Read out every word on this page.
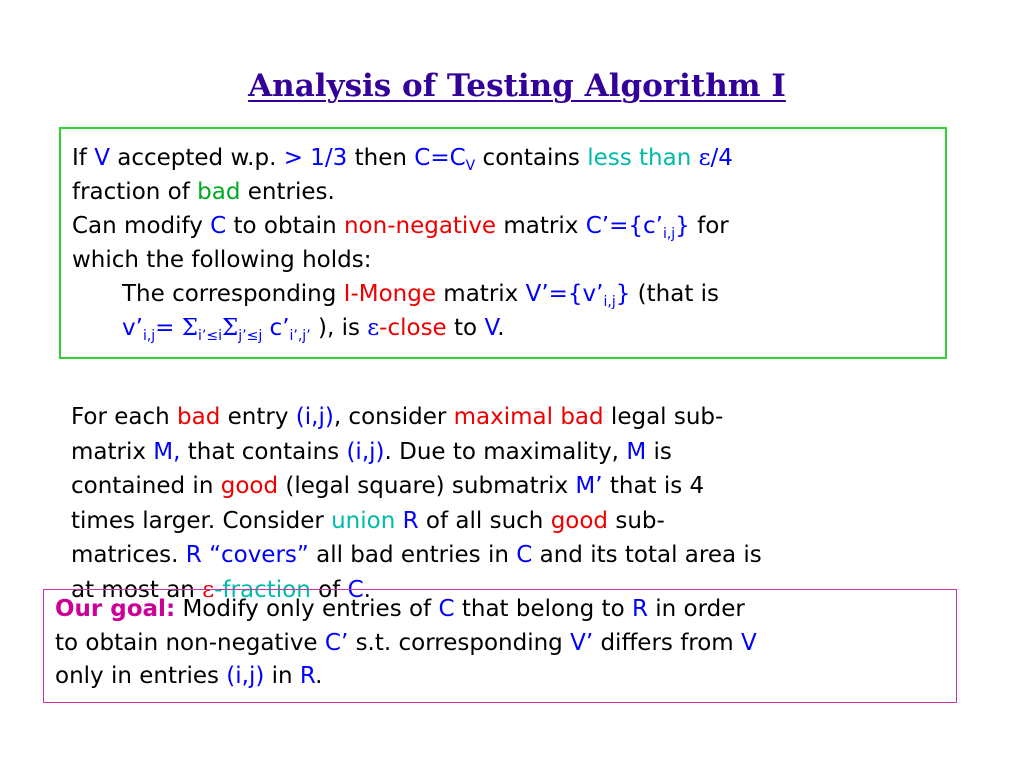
Analysis of Testing Algorithm I
If V accepted w.p. > 1/3 then $C=C_V$ contains less than ε/4
fraction of bad entries.
Can modify C to obtain non-negative matrix $C’=\{c’_{i,j}\}$ for
which the following holds:
The corresponding I-Monge matrix $V’=\{v’_{i,j}\}$ (that is
$v’_{i,j}= \Sigma_{i’\le i}\Sigma_{j’\le j}$ $c’_{i’,j’}$ ), is ε-close to V.
For each bad entry (i,j), consider maximal bad legal sub-
matrix M, that contains (i,j). Due to maximality, M is
contained in good (legal square) submatrix M’ that is 4
times larger. Consider union R of all such good sub-
matrices. R “covers” all bad entries in C and its total area is
at most an ε-fraction of C.
Our goal: Modify only entries of C that belong to R in order
to obtain non-negative C’ s.t. corresponding V’ differs from V
only in entries (i,j) in R.
